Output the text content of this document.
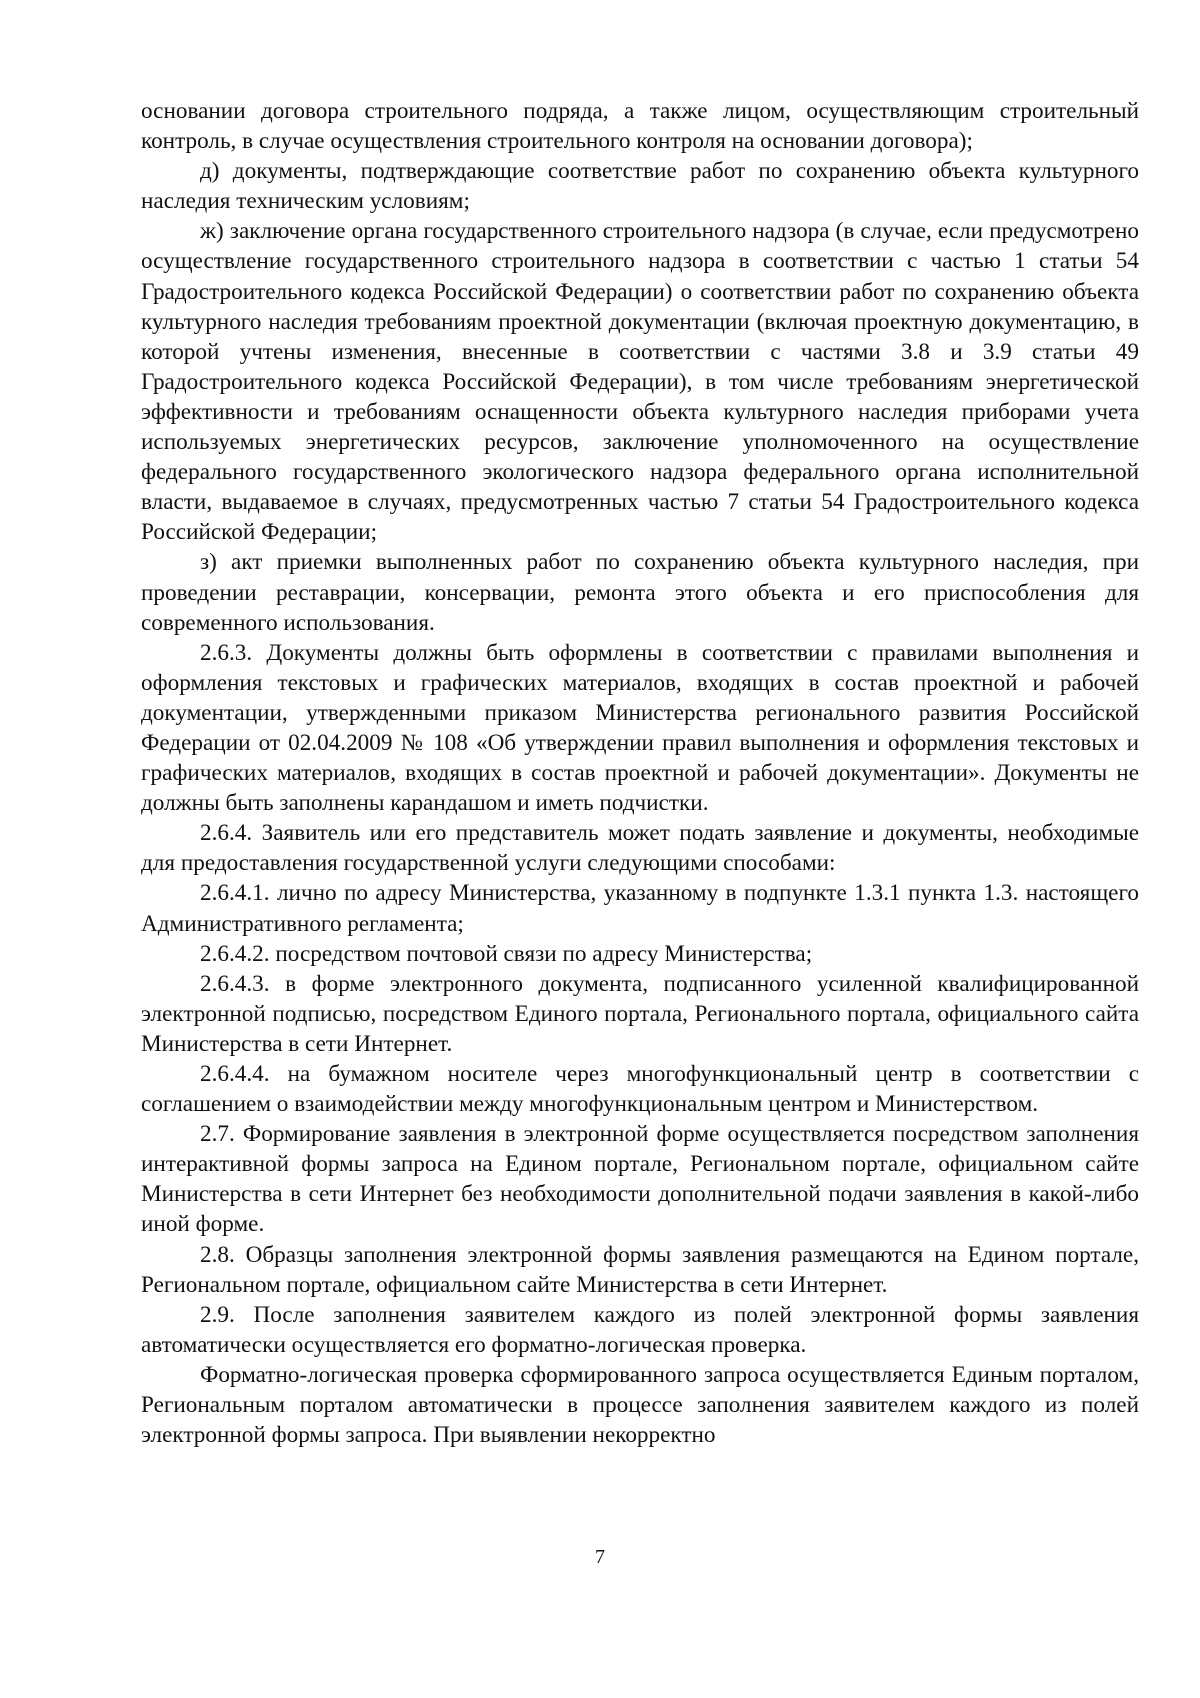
основании договора строительного подряда, а также лицом, осуществляющим строительный контроль, в случае осуществления строительного контроля на основании договора);

д) документы, подтверждающие соответствие работ по сохранению объекта культурного наследия техническим условиям;

ж) заключение органа государственного строительного надзора (в случае, если предусмотрено осуществление государственного строительного надзора в соответствии с частью 1 статьи 54 Градостроительного кодекса Российской Федерации) о соответствии работ по сохранению объекта культурного наследия требованиям проектной документации (включая проектную документацию, в которой учтены изменения, внесенные в соответствии с частями 3.8 и 3.9 статьи 49 Градостроительного кодекса Российской Федерации), в том числе требованиям энергетической эффективности и требованиям оснащенности объекта культурного наследия приборами учета используемых энергетических ресурсов, заключение уполномоченного на осуществление федерального государственного экологического надзора федерального органа исполнительной власти, выдаваемое в случаях, предусмотренных частью 7 статьи 54 Градостроительного кодекса Российской Федерации;

з) акт приемки выполненных работ по сохранению объекта культурного наследия, при проведении реставрации, консервации, ремонта этого объекта и его приспособления для современного использования.

2.6.3. Документы должны быть оформлены в соответствии с правилами выполнения и оформления текстовых и графических материалов, входящих в состав проектной и рабочей документации, утвержденными приказом Министерства регионального развития Российской Федерации от 02.04.2009 № 108 «Об утверждении правил выполнения и оформления текстовых и графических материалов, входящих в состав проектной и рабочей документации». Документы не должны быть заполнены карандашом и иметь подчистки.

2.6.4. Заявитель или его представитель может подать заявление и документы, необходимые для предоставления государственной услуги следующими способами:

2.6.4.1. лично по адресу Министерства, указанному в подпункте 1.3.1 пункта 1.3. настоящего Административного регламента;

2.6.4.2. посредством почтовой связи по адресу Министерства;

2.6.4.3. в форме электронного документа, подписанного усиленной квалифицированной электронной подписью, посредством Единого портала, Регионального портала, официального сайта Министерства в сети Интернет.

2.6.4.4. на бумажном носителе через многофункциональный центр в соответствии с соглашением о взаимодействии между многофункциональным центром и Министерством.

2.7. Формирование заявления в электронной форме осуществляется посредством заполнения интерактивной формы запроса на Едином портале, Региональном портале, официальном сайте Министерства в сети Интернет без необходимости дополнительной подачи заявления в какой-либо иной форме.

2.8. Образцы заполнения электронной формы заявления размещаются на Едином портале, Региональном портале, официальном сайте Министерства в сети Интернет.

2.9. После заполнения заявителем каждого из полей электронной формы заявления автоматически осуществляется его форматно-логическая проверка.

Форматно-логическая проверка сформированного запроса осуществляется Единым порталом, Региональным порталом автоматически в процессе заполнения заявителем каждого из полей электронной формы запроса. При выявлении некорректно

7
